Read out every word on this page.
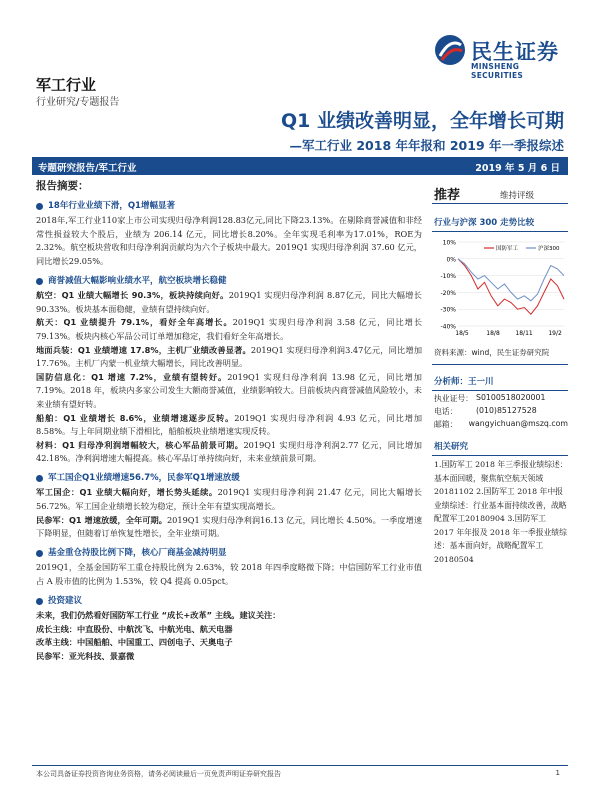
民生证券
MINSHENG SECURITIES
军工行业
行业研究/专题报告
Q1 业绩改善明显，全年增长可期
—军工行业 2018 年年报和 2019 年一季报综述
专题研究报告/军工行业	2019 年 5 月 6 日
报告摘要：
18年行业业绩下滑，Q1增幅显著
2018年,军工行业110家上市公司实现归母净利润128.83亿元,同比下降23.13%。在剔除商誉减值和非经常性损益较大个股后，业绩为 206.14 亿元，同比增长8.20%。全年实现毛利率为17.01%，ROE为2.32%。航空板块营收和归母净利润贡献均为六个子板块中最大。2019Q1 实现归母净利润 37.60 亿元，同比增长29.05%。
商誉减值大幅影响业绩水平，航空板块增长稳健
航空：Q1 业绩大幅增长 90.3%，板块持续向好。2019Q1 实现归母净利润 8.87亿元，同比大幅增长90.33%。板块基本面稳健，业绩有望持续向好。
航天：Q1 业绩提升 79.1%，看好全年高增长。2019Q1 实现归母净利润 3.58 亿元，同比增长 79.13%。板块内核心军品公司订单增加稳定，我们看好全年高增长。
地面兵装：Q1 业绩增速 17.8%，主机厂业绩改善显著。2019Q1 实现归母净利润3.47亿元，同比增加17.76%。主机厂内蒙一机业绩大幅增长，同比改善明显。
国防信息化：Q1 增速 7.2%，业绩有望转好。2019Q1 实现归母净利润 13.98 亿元，同比增加 7.19%。2018 年，板块内多家公司发生大额商誉减值，业绩影响较大。目前板块内商誉减值风险较小，未来业绩有望好转。
船舶：Q1 业绩增长 8.6%，业绩增速逐步反转。2019Q1 实现归母净利润 4.93 亿元，同比增加 8.58%。与上年同期业绩下滑相比，船舶板块业绩增速实现反转。
材料：Q1 归母净利润增幅较大，核心军品前景可期。2019Q1 实现归母净利润2.77 亿元，同比增加 42.18%。净利润增速大幅提高。核心军品订单持续向好，未来业绩前景可期。
军工国企Q1业绩增速56.7%，民参军Q1增速放缓
军工国企：Q1 业绩大幅向好，增长势头延续。2019Q1 实现归母净利润 21.47 亿元，同比大幅增长 56.72%。军工国企业绩增长较为稳定，预计全年有望实现高增长。
民参军：Q1 增速放缓，全年可期。2019Q1 实现归母净利润16.13 亿元，同比增长 4.50%。一季度增速下降明显，但随着订单恢复性增长，全年业绩可期。
基金重仓持股比例下降，核心厂商基金减持明显
2019Q1，全基金国防军工重仓持股比例为 2.63%，较 2018 年四季度略微下降；中信国防军工行业市值占 A 股市值的比例为 1.53%，较 Q4 提高 0.05pct。
投资建议
未来，我们仍然看好国防军工行业 “成长+改革” 主线。建议关注：
成长主线：中直股份、中航沈飞、中航光电、航天电器
改革主线：中国船舶、中国重工、四创电子、天奥电子
民参军：亚光科技、景嘉微
推荐	维持评级
行业与沪深 300 走势比较
10%
0%
-10%
-20%
-30%
-40%
18/5	18/8	18/11	19/2
国防军工	沪深300
资料来源：wind，民生证券研究院
分析师：王一川
执业证号： S0100518020001
电话： (010)85127528
邮箱： wangyichuan@mszq.com
相关研究
1.国防军工 2018 年三季报业绩综述：基本面回暖，聚焦航空航天领域 20181102 2.国防军工 2018 年中报业绩综述：行业基本面持续改善，战略配置军工20180904 3.国防军工 2017 年年报及 2018 年一季报业绩综述：基本面向好，战略配置军工 20180504
本公司具备证券投资咨询业务资格，请务必阅读最后一页免责声明证券研究报告	1
